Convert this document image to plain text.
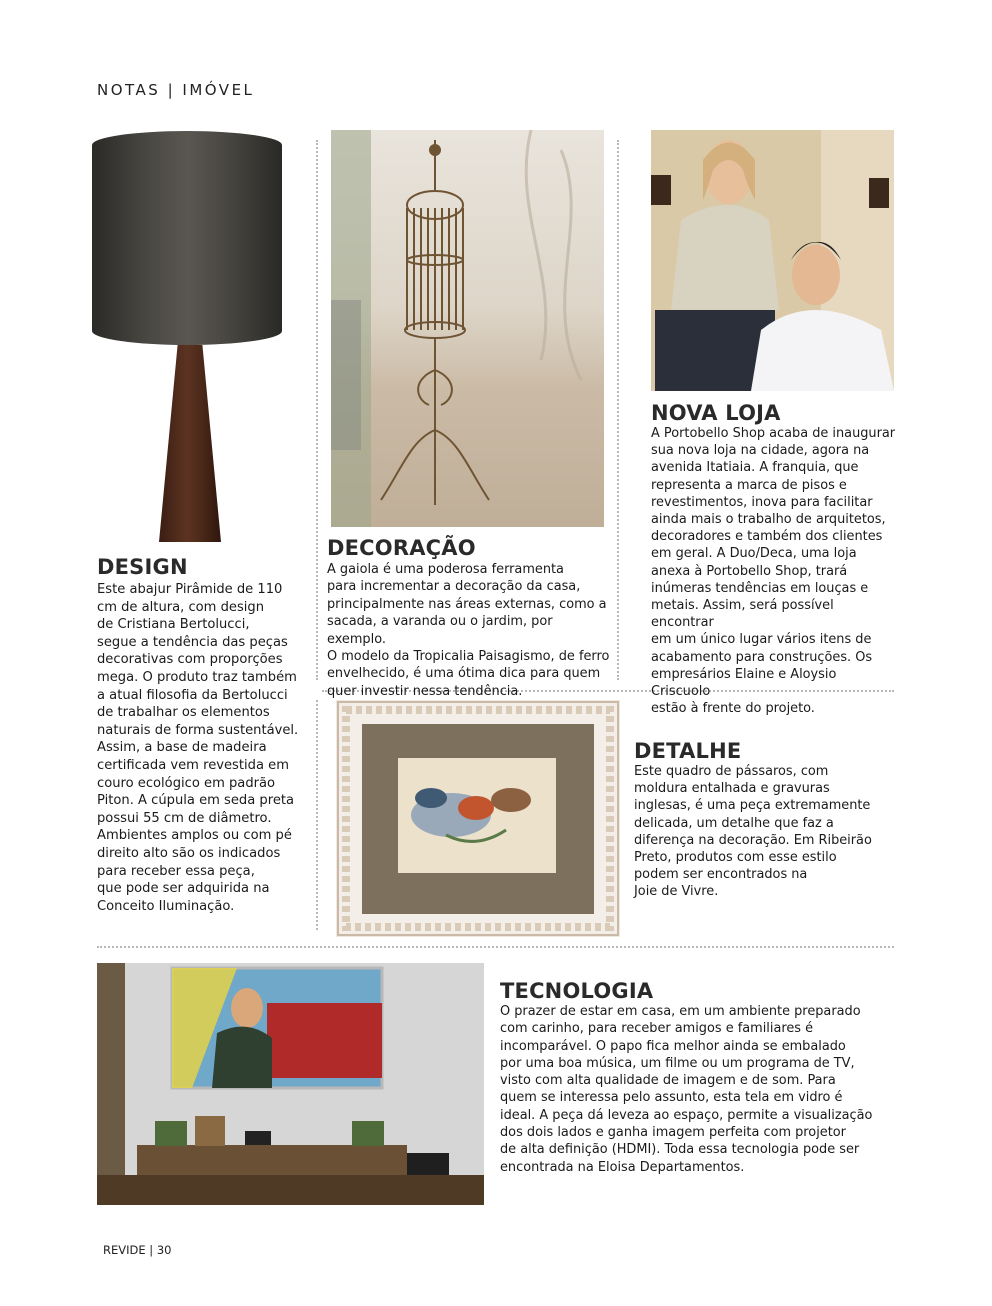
NOTAS | IMÓVEL
DESIGN
Este abajur Pirâmide de 110
cm de altura, com design
de Cristiana Bertolucci,
segue a tendência das peças
decorativas com proporções
mega. O produto traz também
a atual filosofia da Bertolucci
de trabalhar os elementos
naturais de forma sustentável.
Assim, a base de madeira
certificada vem revestida em
couro ecológico em padrão
Piton. A cúpula em seda preta
possui 55 cm de diâmetro.
Ambientes amplos ou com pé
direito alto são os indicados
para receber essa peça,
que pode ser adquirida na
Conceito Iluminação.
DECORAÇÃO
A gaiola é uma poderosa ferramenta
para incrementar a decoração da casa,
principalmente nas áreas externas, como a
sacada, a varanda ou o jardim, por exemplo.
O modelo da Tropicalia Paisagismo, de ferro
envelhecido, é uma ótima dica para quem
quer investir nessa tendência.
NOVA LOJA
A Portobello Shop acaba de inaugurar
sua nova loja na cidade, agora na
avenida Itatiaia. A franquia, que
representa a marca de pisos e
revestimentos, inova para facilitar
ainda mais o trabalho de arquitetos,
decoradores e também dos clientes
em geral. A Duo/Deca, uma loja
anexa à Portobello Shop, trará
inúmeras tendências em louças e
metais. Assim, será possível encontrar
em um único lugar vários itens de
acabamento para construções. Os
empresários Elaine e Aloysio Criscuolo
estão à frente do projeto.
DETALHE
Este quadro de pássaros, com
moldura entalhada e gravuras
inglesas, é uma peça extremamente
delicada, um detalhe que faz a
diferença na decoração. Em Ribeirão
Preto, produtos com esse estilo
podem ser encontrados na
Joie de Vivre.
TECNOLOGIA
O prazer de estar em casa, em um ambiente preparado
com carinho, para receber amigos e familiares é
incomparável. O papo fica melhor ainda se embalado
por uma boa música, um filme ou um programa de TV,
visto com alta qualidade de imagem e de som. Para
quem se interessa pelo assunto, esta tela em vidro é
ideal. A peça dá leveza ao espaço, permite a visualização
dos dois lados e ganha imagem perfeita com projetor
de alta definição (HDMI). Toda essa tecnologia pode ser
encontrada na Eloisa Departamentos.
REVIDE | 30
